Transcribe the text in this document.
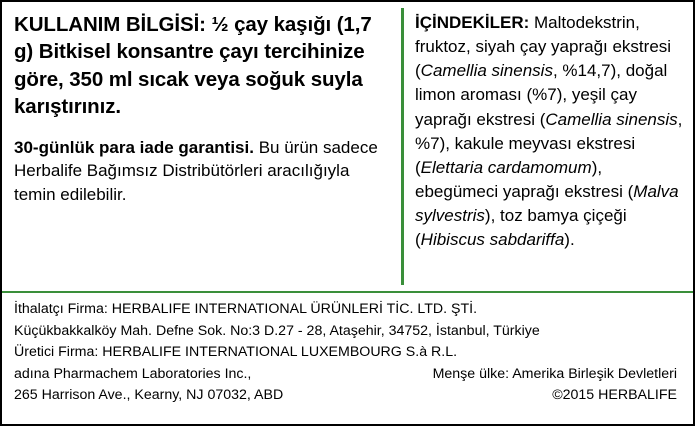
KULLANIM BİLGİSİ: ½ çay kaşığı (1,7 g) Bitkisel konsantre çayı tercihinize göre, 350 ml sıcak veya soğuk suyla karıştırınız.

30-günlük para iade garantisi. Bu ürün sadece Herbalife Bağımsız Distribütörleri aracılığıyla temin edilebilir.

İÇİNDEKİLER: Maltodekstrin, fruktoz, siyah çay yaprağı ekstresi (Camellia sinensis, %14,7), doğal limon aroması (%7), yeşil çay yaprağı ekstresi (Camellia sinensis, %7), kakule meyvası ekstresi (Elettaria cardamomum), ebegümeci yaprağı ekstresi (Malva sylvestris), toz bamya çiçeği (Hibiscus sabdariffa).

İthalatçı Firma: HERBALIFE INTERNATIONAL ÜRÜNLERİ TİC. LTD. ŞTİ.
Küçükbakkalköy Mah. Defne Sok. No:3 D.27 - 28, Ataşehir, 34752, İstanbul, Türkiye
Üretici Firma: HERBALIFE INTERNATIONAL LUXEMBOURG S.à R.L.
adına Pharmachem Laboratories Inc.,	Menşe ülke: Amerika Birleşik Devletleri
265 Harrison Ave., Kearny, NJ 07032, ABD	©2015 HERBALIFE
